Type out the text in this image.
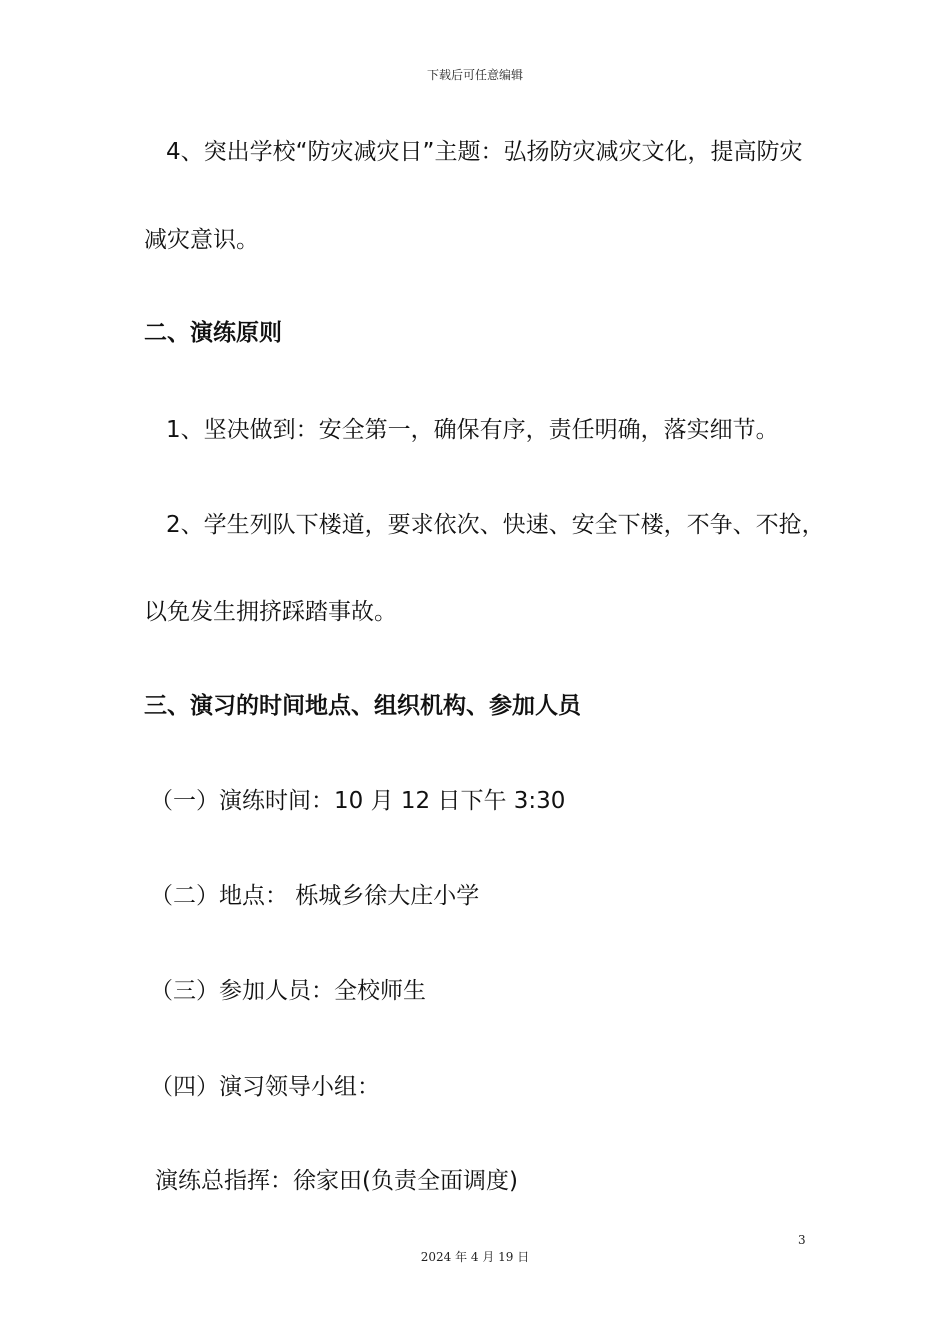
下载后可任意编辑
4、突出学校“防灾减灾日”主题：弘扬防灾减灾文化，提高防灾
减灾意识。
二、演练原则
1、坚决做到：安全第一，确保有序，责任明确，落实细节。
2、学生列队下楼道，要求依次、快速、安全下楼，不争、不抢，
以免发生拥挤踩踏事故。
三、演习的时间地点、组织机构、参加人员
（一）演练时间：10 月 12 日下午 3:30
（二）地点： 栎城乡徐大庄小学
（三）参加人员：全校师生
（四）演习领导小组：
演练总指挥：徐家田(负责全面调度)
3
2024 年 4 月 19 日
